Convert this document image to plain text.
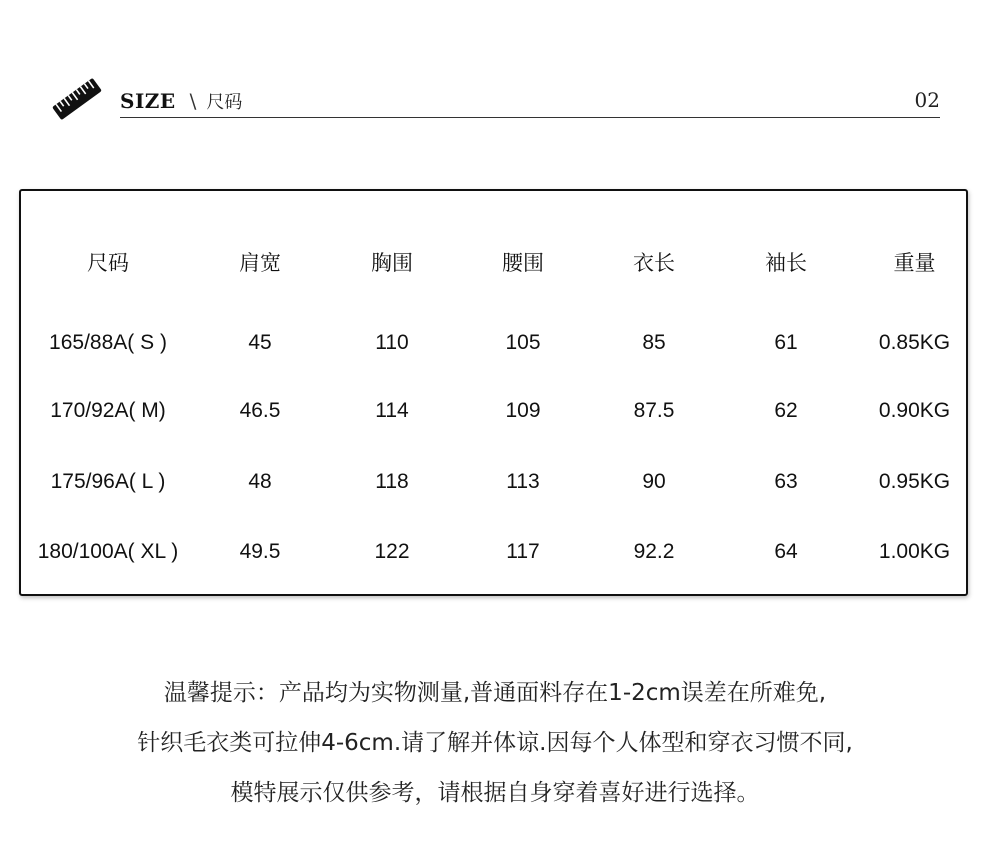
SIZE \ 尺码	02
尺码	肩宽	胸围	腰围	衣长	袖长	重量
165/88A( S )	45	110	105	85	61	0.85KG
170/92A( M)	46.5	114	109	87.5	62	0.90KG
175/96A( L )	48	118	113	90	63	0.95KG
180/100A( XL )	49.5	122	117	92.2	64	1.00KG
温馨提示：产品均为实物测量,普通面料存在1-2cm误差在所难免,
针织毛衣类可拉伸4-6cm.请了解并体谅.因每个人体型和穿衣习惯不同,
模特展示仅供参考，请根据自身穿着喜好进行选择。
